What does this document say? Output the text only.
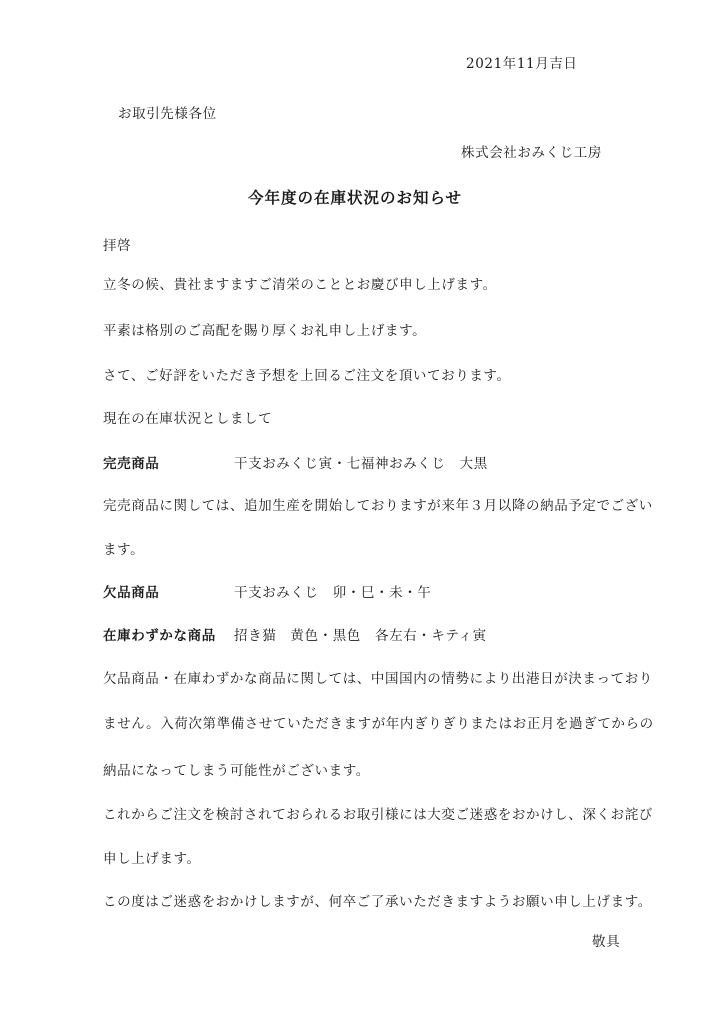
2021年11月吉日
お取引先様各位
株式会社おみくじ工房
今年度の在庫状況のお知らせ
拝啓
立冬の候、貴社ますますご清栄のこととお慶び申し上げます。
平素は格別のご高配を賜り厚くお礼申し上げます。
さて、ご好評をいただき予想を上回るご注文を頂いております。
現在の在庫状況としまして
完売商品	干支おみくじ寅・七福神おみくじ　大黒
完売商品に関しては、追加生産を開始しておりますが来年３月以降の納品予定でござい
ます。
欠品商品	干支おみくじ　卯・巳・未・午
在庫わずかな商品 招き猫　黄色・黒色　各左右・キティ寅
欠品商品・在庫わずかな商品に関しては、中国国内の情勢により出港日が決まっており
ません。入荷次第準備させていただきますが年内ぎりぎりまたはお正月を過ぎてからの
納品になってしまう可能性がございます。
これからご注文を検討されておられるお取引様には大変ご迷惑をおかけし、深くお詫び
申し上げます。
この度はご迷惑をおかけしますが、何卒ご了承いただきますようお願い申し上げます。
敬具
